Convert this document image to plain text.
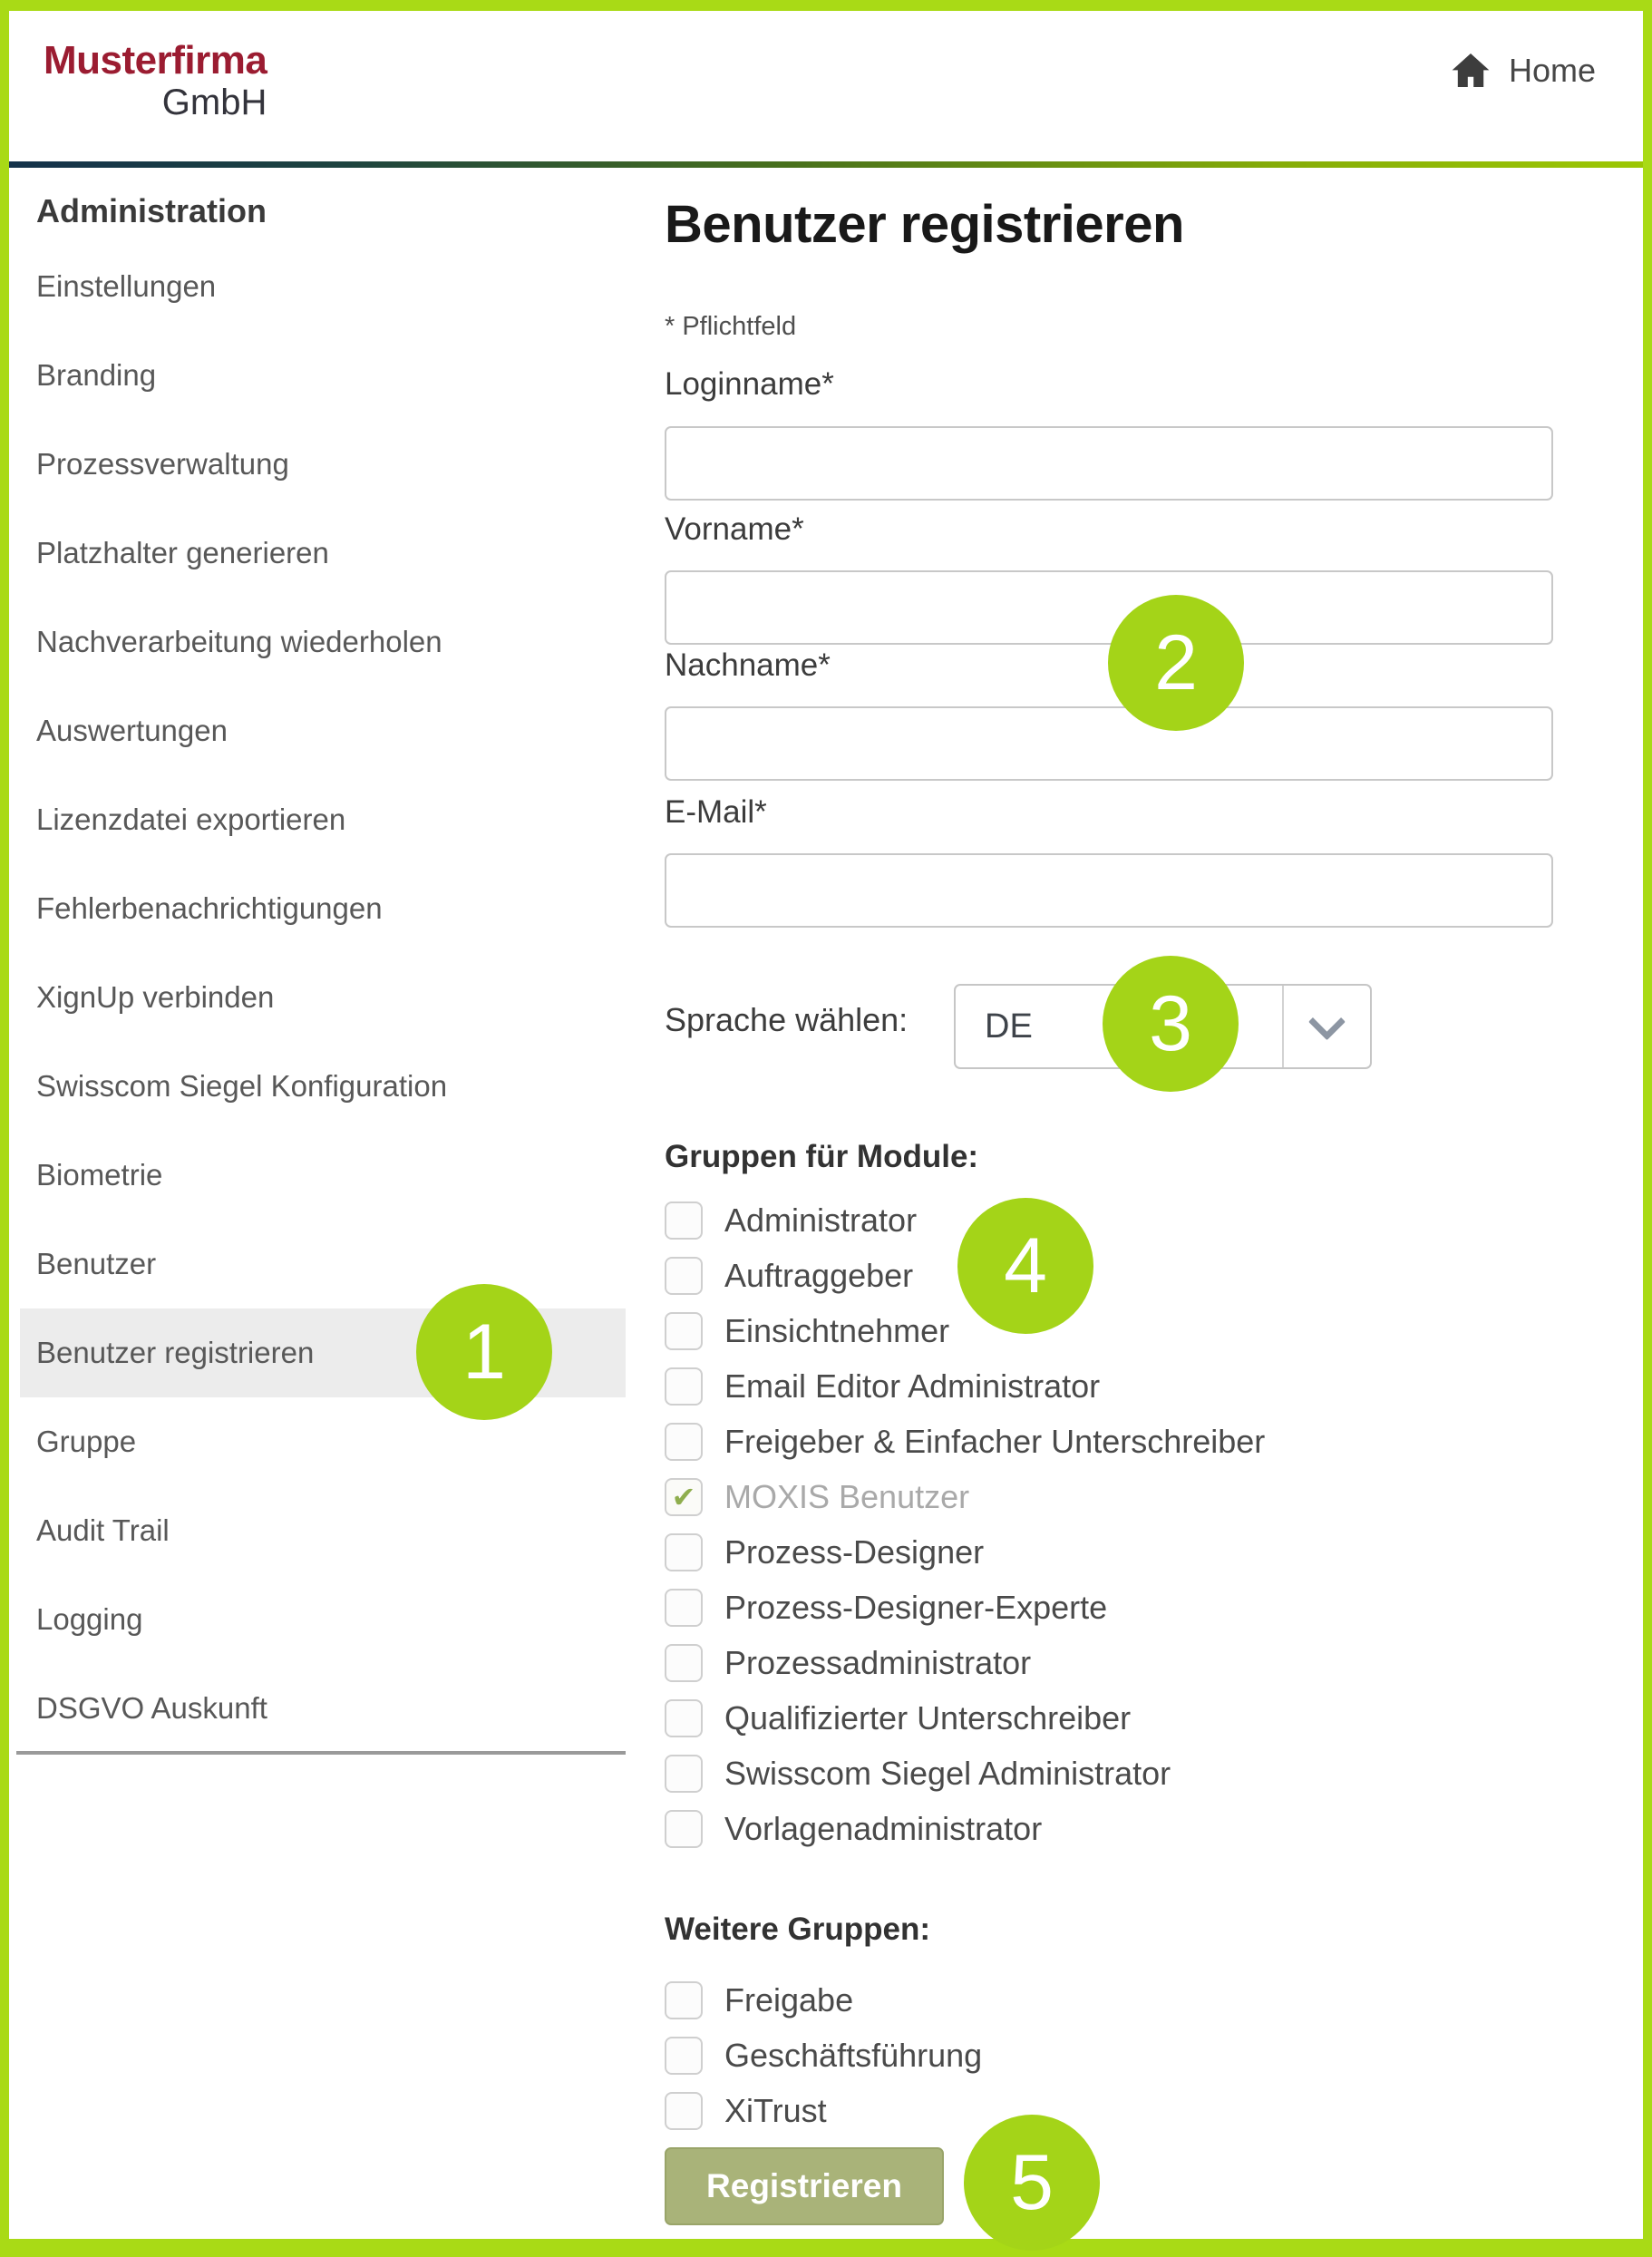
Musterfirma
GmbH
Home
Administration
Einstellungen
Branding
Prozessverwaltung
Platzhalter generieren
Nachverarbeitung wiederholen
Auswertungen
Lizenzdatei exportieren
Fehlerbenachrichtigungen
XignUp verbinden
Swisscom Siegel Konfiguration
Biometrie
Benutzer
Benutzer registrieren
Gruppe
Audit Trail
Logging
DSGVO Auskunft
Benutzer registrieren
* Pflichtfeld
Loginname*
Vorname*
Nachname*
E-Mail*
Sprache wählen:	DE
Gruppen für Module:
Administrator
Auftraggeber
Einsichtnehmer
Email Editor Administrator
Freigeber & Einfacher Unterschreiber
✔ MOXIS Benutzer
Prozess-Designer
Prozess-Designer-Experte
Prozessadministrator
Qualifizierter Unterschreiber
Swisscom Siegel Administrator
Vorlagenadministrator
Weitere Gruppen:
Freigabe
Geschäftsführung
XiTrust
Registrieren
1
2
3
4
5
